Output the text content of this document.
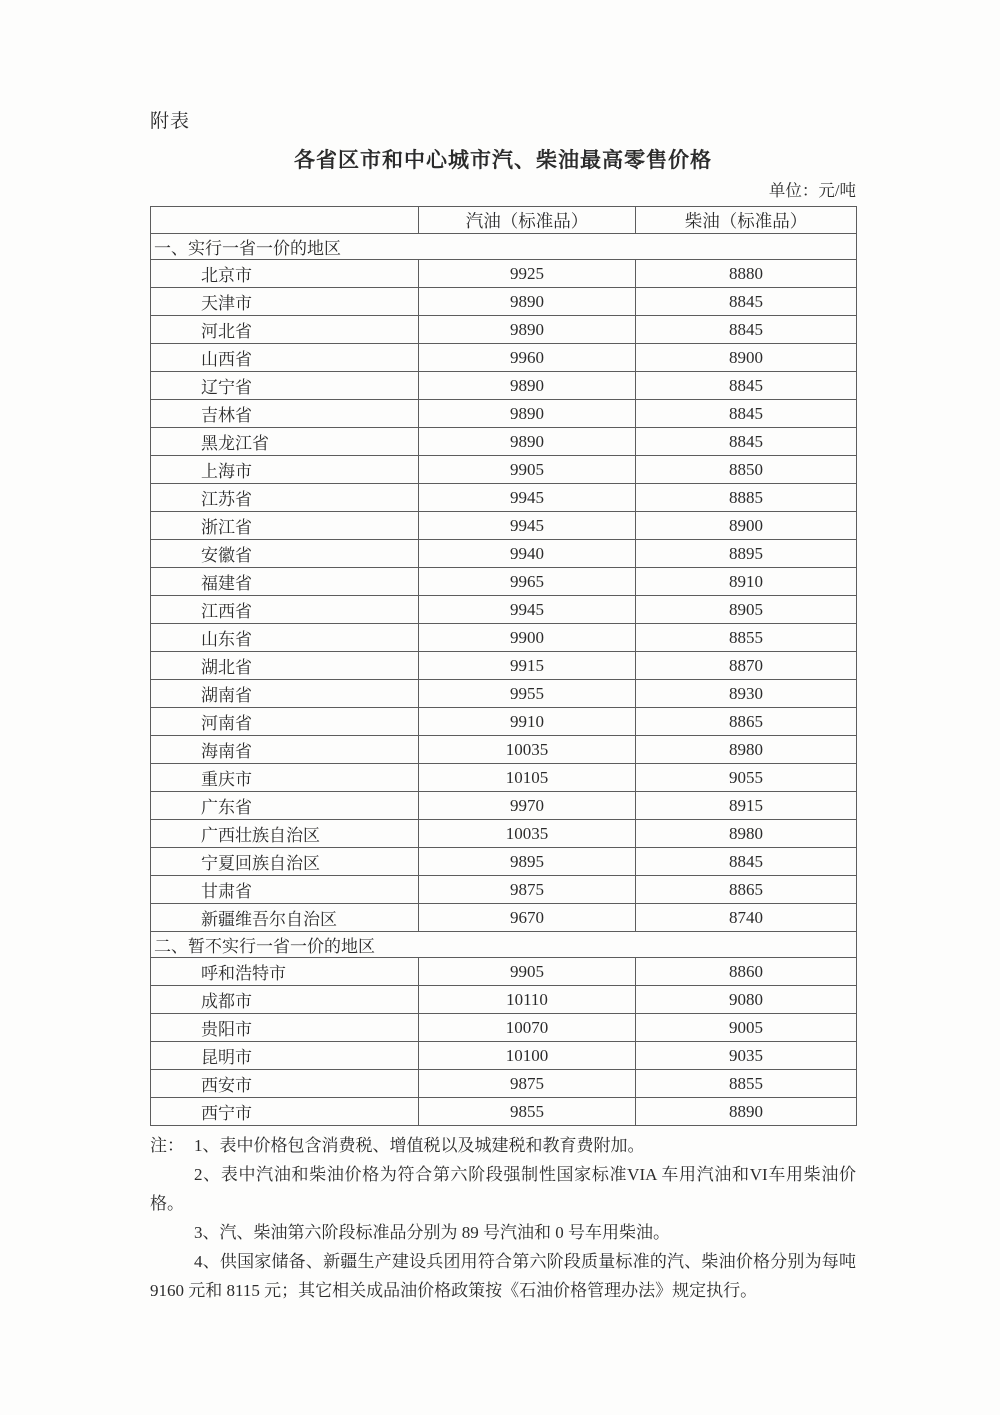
附表
各省区市和中心城市汽、柴油最高零售价格
单位：元/吨
	汽油（标准品）	柴油（标准品）
一、实行一省一价的地区		
北京市	9925	8880
天津市	9890	8845
河北省	9890	8845
山西省	9960	8900
辽宁省	9890	8845
吉林省	9890	8845
黑龙江省	9890	8845
上海市	9905	8850
江苏省	9945	8885
浙江省	9945	8900
安徽省	9940	8895
福建省	9965	8910
江西省	9945	8905
山东省	9900	8855
湖北省	9915	8870
湖南省	9955	8930
河南省	9910	8865
海南省	10035	8980
重庆市	10105	9055
广东省	9970	8915
广西壮族自治区	10035	8980
宁夏回族自治区	9895	8845
甘肃省	9875	8865
新疆维吾尔自治区	9670	8740
二、暂不实行一省一价的地区		
呼和浩特市	9905	8860
成都市	10110	9080
贵阳市	10070	9005
昆明市	10100	9035
西安市	9875	8855
西宁市	9855	8890

注： 1、表中价格包含消费税、增值税以及城建税和教育费附加。

2、表中汽油和柴油价格为符合第六阶段强制性国家标准VIA 车用汽油和VI车用柴油价格。

3、汽、柴油第六阶段标准品分别为 89 号汽油和 0 号车用柴油。

4、供国家储备、新疆生产建设兵团用符合第六阶段质量标准的汽、柴油价格分别为每吨 9160 元和 8115 元；其它相关成品油价格政策按《石油价格管理办法》规定执行。
